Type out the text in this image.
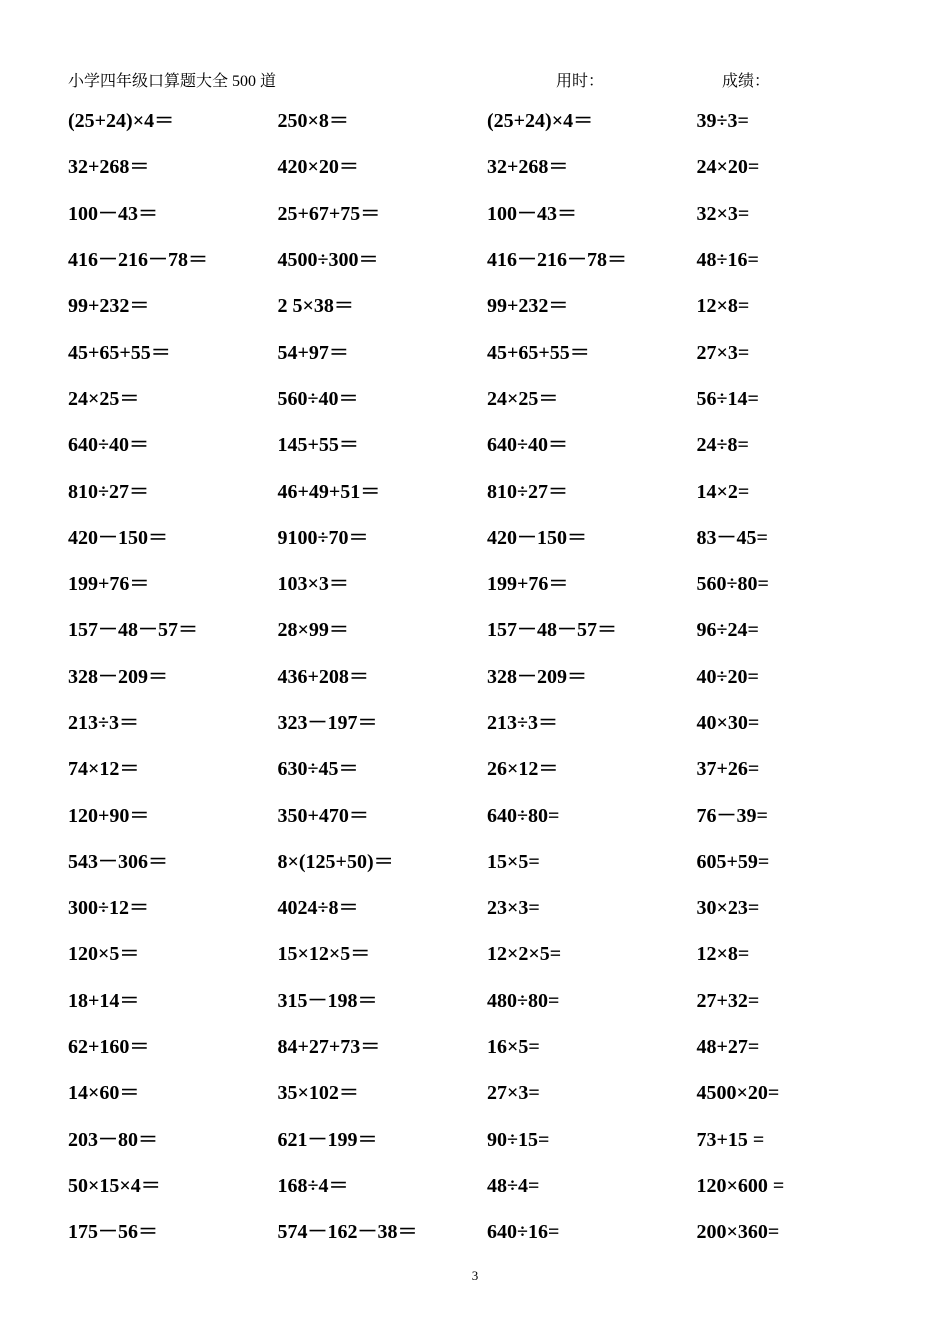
小学四年级口算题大全 500 道	用时：	成绩：
(25+24)×4＝	250×8＝	(25+24)×4＝	39÷3=
32+268＝	420×20＝	32+268＝	24×20=
100－43＝	25+67+75＝	100－43＝	32×3=
416－216－78＝	4500÷300＝	416－216－78＝	48÷16=
99+232＝	2 5×38＝	99+232＝	12×8=
45+65+55＝	54+97＝	45+65+55＝	27×3=
24×25＝	560÷40＝	24×25＝	56÷14=
640÷40＝	145+55＝	640÷40＝	24÷8=
810÷27＝	46+49+51＝	810÷27＝	14×2=
420－150＝	9100÷70＝	420－150＝	83－45=
199+76＝	103×3＝	199+76＝	560÷80=
157－48－57＝	28×99＝	157－48－57＝	96÷24=
328－209＝	436+208＝	328－209＝	40÷20=
213÷3＝	323－197＝	213÷3＝	40×30=
74×12＝	630÷45＝	26×12＝	37+26=
120+90＝	350+470＝	640÷80=	76－39=
543－306＝	8×(125+50)＝	15×5=	605+59=
300÷12＝	4024÷8＝	23×3=	30×23=
120×5＝	15×12×5＝	12×2×5=	12×8=
18+14＝	315－198＝	480÷80=	27+32=
62+160＝	84+27+73＝	16×5=	48+27=
14×60＝	35×102＝	27×3=	4500×20=
203－80＝	621－199＝	90÷15=	73+15 =
50×15×4＝	168÷4＝	48÷4=	120×600 =
175－56＝	574－162－38＝	640÷16=	200×360=
3
